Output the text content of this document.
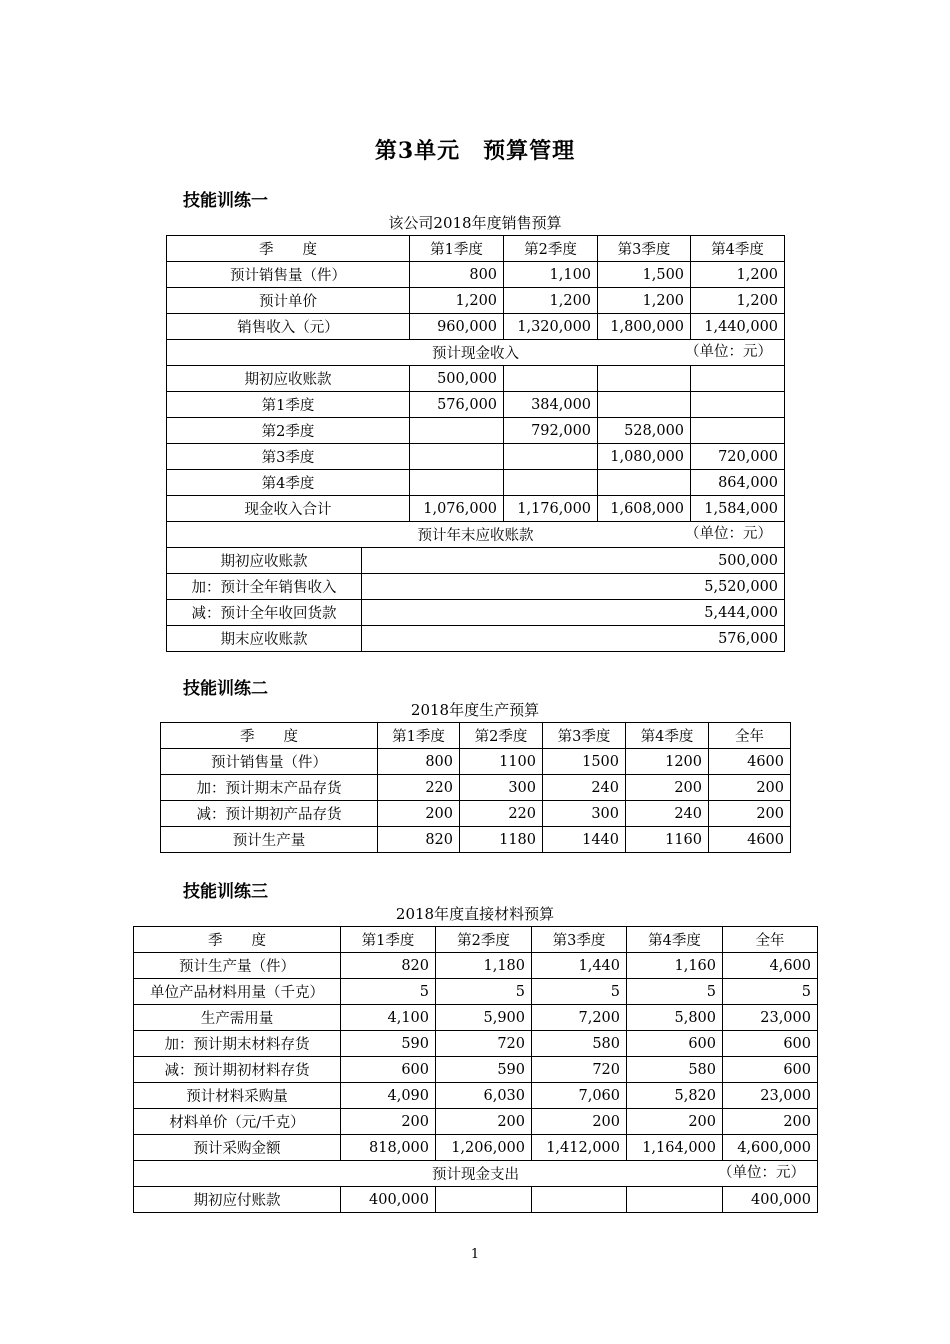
第3单元　预算管理
技能训练一
该公司2018年度销售预算
季　　度		第1季度	第2季度	第3季度	第4季度	
预计销售量（件）		800	1,100	1,500	1,200	
预计单价		1,200	1,200	1,200	1,200	
销售收入（元）		960,000	1,320,000	1,800,000	1,440,000	
预计现金收入 （单位：元）						

期初应收账款		500,000				
第1季度		576,000	384,000			
第2季度			792,000	528,000		
第3季度				1,080,000	720,000	
第4季度					864,000	
现金收入合计		1,076,000	1,176,000	1,608,000	1,584,000	
预计年末应收账款 （单位：元）						

期初应收账款	500,000					
加：预计全年销售收入	5,520,000					
减：预计全年收回货款	5,444,000					
期末应收账款	576,000					
技能训练二
2018年度生产预算
季　　度	第1季度	第2季度	第3季度	第4季度	全年
预计销售量（件）	800	1100	1500	1200	4600
加：预计期末产品存货	220	300	240	200	200
减：预计期初产品存货	200	220	300	240	200
预计生产量	820	1180	1440	1160	4600
技能训练三
2018年度直接材料预算
季　　度	第1季度	第2季度	第3季度	第4季度	全年
预计生产量（件）	820	1,180	1,440	1,160	4,600
单位产品材料用量（千克）	5	5	5	5	5
生产需用量	4,100	5,900	7,200	5,800	23,000
加：预计期末材料存货	590	720	580	600	600
减：预计期初材料存货	600	590	720	580	600
预计材料采购量	4,090	6,030	7,060	5,820	23,000
材料单价（元/千克）	200	200	200	200	200
预计采购金额	818,000	1,206,000	1,412,000	1,164,000	4,600,000
预计现金支出 （单位：元）					

期初应付账款	400,000				400,000
1
